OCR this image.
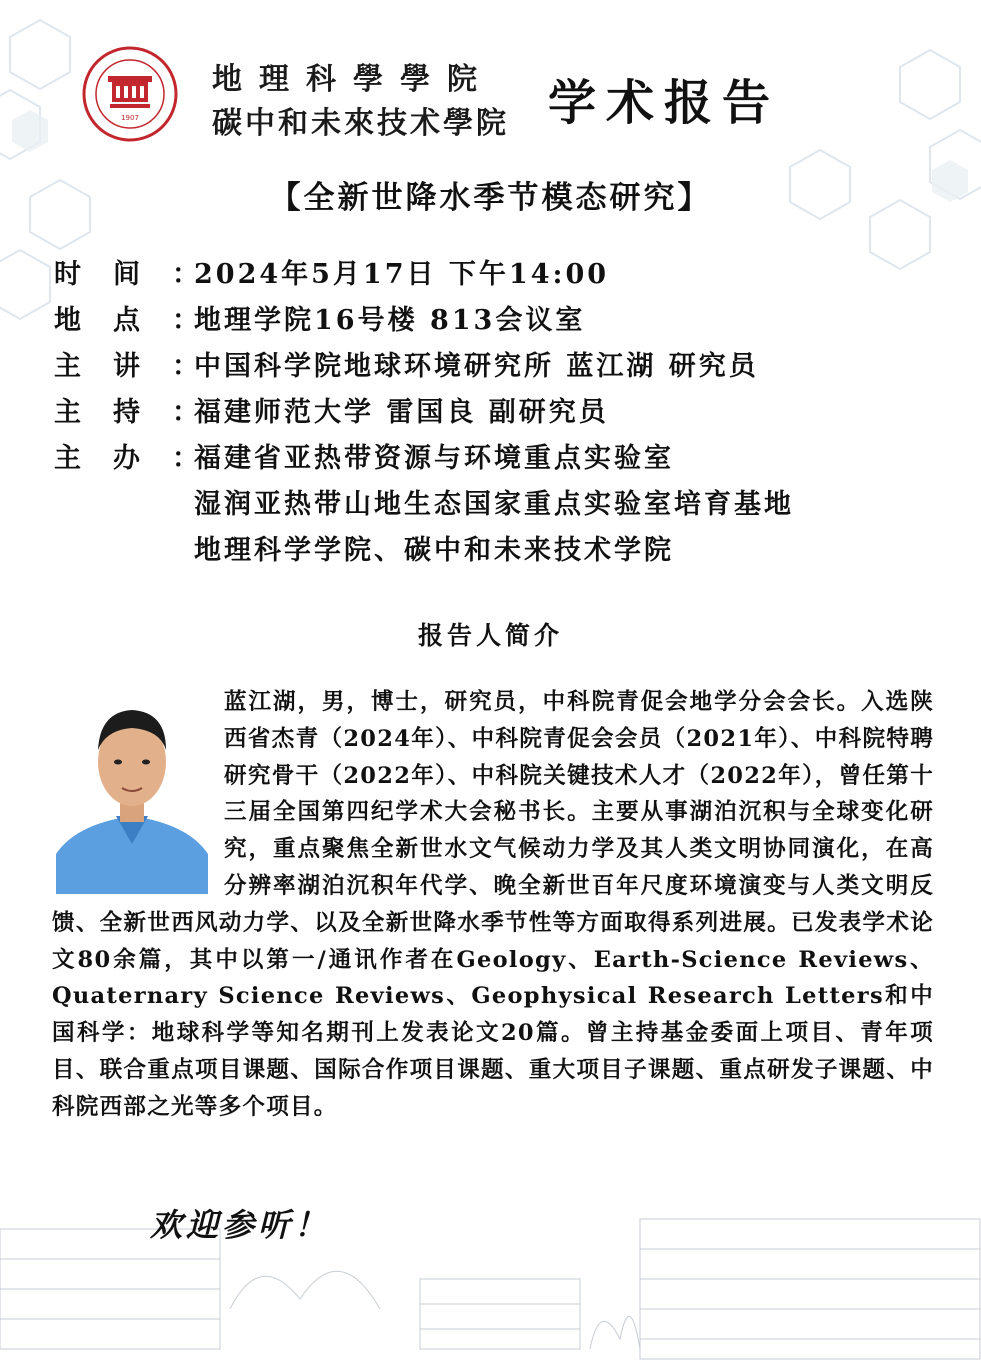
1907
地理科學學院
碳中和未來技术學院 学术报告
【全新世降水季节模态研究】
时间：
2024年5月17日 下午14:00
地点：
地理学院16号楼 813会议室
主讲：
中国科学院地球环境研究所 蓝江湖 研究员
主持：
福建师范大学 雷国良 副研究员
主办：
福建省亚热带资源与环境重点实验室
湿润亚热带山地生态国家重点实验室培育基地
地理科学学院、碳中和未来技术学院
报告人简介
蓝江湖，男，博士，研究员，中科院青促会地学分会会长。入选陕西省杰青（2024年）、中科院青促会会员（2021年）、中科院特聘研究骨干（2022年）、中科院关键技术人才（2022年），曾任第十三届全国第四纪学术大会秘书长。主要从事湖泊沉积与全球变化研究，重点聚焦全新世水文气候动力学及其人类文明协同演化，在高分辨率湖泊沉积年代学、晚全新世百年尺度环境演变与人类文明反馈、全新世西风动力学、以及全新世降水季节性等方面取得系列进展。已发表学术论文80余篇，其中以第一/通讯作者在Geology、Earth-Science Reviews、Quaternary Science Reviews、Geophysical Research Letters和中国科学：地球科学等知名期刊上发表论文20篇。曾主持基金委面上项目、青年项目、联合重点项目课题、国际合作项目课题、重大项目子课题、重点研发子课题、中科院西部之光等多个项目。
欢迎参听！
